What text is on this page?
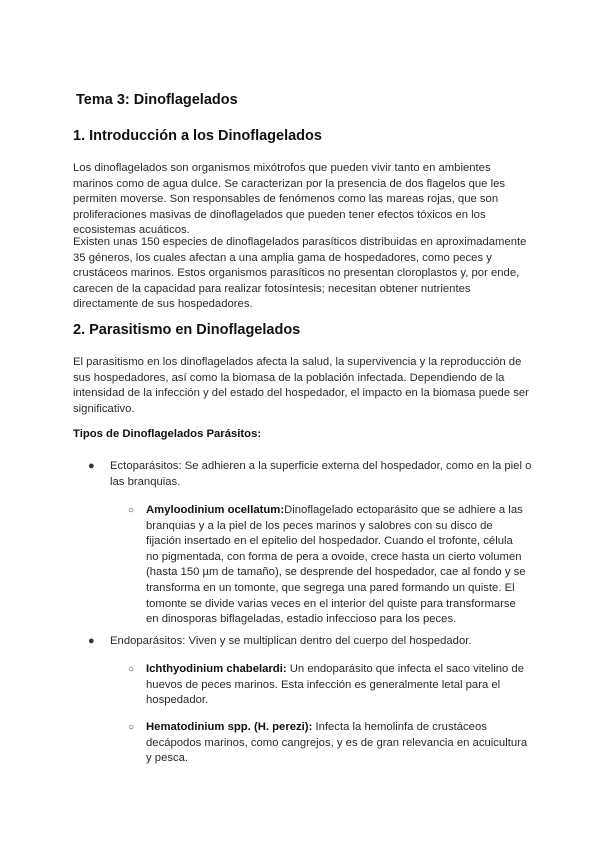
Tema 3: Dinoflagelados
1. Introducción a los Dinoflagelados

Los dinoflagelados son organismos mixótrofos que pueden vivir tanto en ambientes marinos como de agua dulce. Se caracterizan por la presencia de dos flagelos que les permiten moverse. Son responsables de fenómenos como las mareas rojas, que son proliferaciones masivas de dinoflagelados que pueden tener efectos tóxicos en los ecosistemas acuáticos.

Existen unas 150 especies de dinoflagelados parasíticos distribuidas en aproximadamente 35 géneros, los cuales afectan a una amplia gama de hospedadores, como peces y crustáceos marinos. Estos organismos parasíticos no presentan cloroplastos y, por ende, carecen de la capacidad para realizar fotosíntesis; necesitan obtener nutrientes directamente de sus hospedadores.

2. Parasitismo en Dinoflagelados

El parasitismo en los dinoflagelados afecta la salud, la supervivencia y la reproducción de sus hospedadores, así como la biomasa de la población infectada. Dependiendo de la intensidad de la infección y del estado del hospedador, el impacto en la biomasa puede ser significativo.

Tipos de Dinoflagelados Parásitos:

● Ectoparásitos: Se adhieren a la superficie externa del hospedador, como en la piel o las branquias.
○ Amyloodinium ocellatum:Dinoflagelado ectoparásito que se adhiere a las branquias y a la piel de los peces marinos y salobres con su disco de fijación insertado en el epitelio del hospedador. Cuando el trofonte, célula no pigmentada, con forma de pera a ovoide, crece hasta un cierto volumen (hasta 150 µm de tamaño), se desprende del hospedador, cae al fondo y se transforma en un tomonte, que segrega una pared formando un quiste. El tomonte se divide varias veces en el interior del quiste para transformarse en dinosporas biflageladas, estadio infeccioso para los peces.
● Endoparásitos: Viven y se multiplican dentro del cuerpo del hospedador.
○ Ichthyodinium chabelardi: Un endoparásito que infecta el saco vitelino de huevos de peces marinos. Esta infección es generalmente letal para el hospedador.
○ Hematodinium spp. (H. perezi): Infecta la hemolinfa de crustáceos decápodos marinos, como cangrejos, y es de gran relevancia en acuicultura y pesca.
